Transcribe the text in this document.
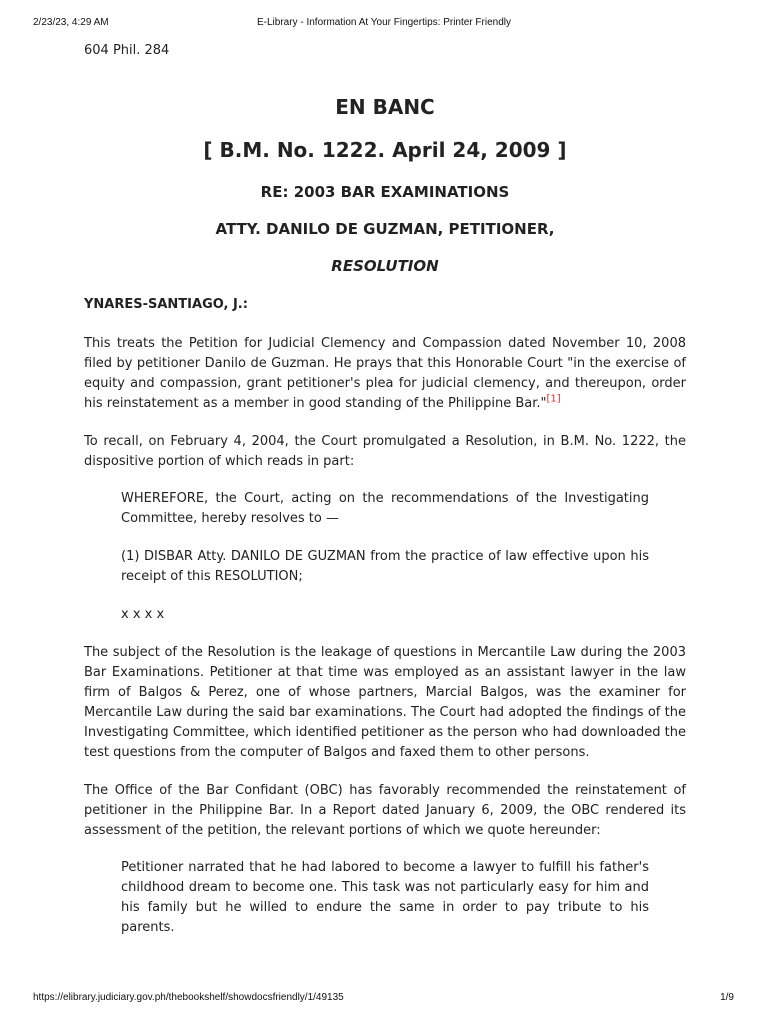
2/23/23, 4:29 AM	E-Library - Information At Your Fingertips: Printer Friendly
604 Phil. 284
EN BANC
[ B.M. No. 1222. April 24, 2009 ]
RE: 2003 BAR EXAMINATIONS
ATTY. DANILO DE GUZMAN, PETITIONER,
RESOLUTION
YNARES-SANTIAGO, J.:

This treats the Petition for Judicial Clemency and Compassion dated November 10, 2008 filed by petitioner Danilo de Guzman. He prays that this Honorable Court "in the exercise of equity and compassion, grant petitioner's plea for judicial clemency, and thereupon, order his reinstatement as a member in good standing of the Philippine Bar."[1]

To recall, on February 4, 2004, the Court promulgated a Resolution, in B.M. No. 1222, the dispositive portion of which reads in part:

WHEREFORE, the Court, acting on the recommendations of the Investigating Committee, hereby resolves to —

(1) DISBAR Atty. DANILO DE GUZMAN from the practice of law effective upon his receipt of this RESOLUTION;

x x x x

The subject of the Resolution is the leakage of questions in Mercantile Law during the 2003 Bar Examinations. Petitioner at that time was employed as an assistant lawyer in the law firm of Balgos & Perez, one of whose partners, Marcial Balgos, was the examiner for Mercantile Law during the said bar examinations. The Court had adopted the findings of the Investigating Committee, which identified petitioner as the person who had downloaded the test questions from the computer of Balgos and faxed them to other persons.

The Office of the Bar Confidant (OBC) has favorably recommended the reinstatement of petitioner in the Philippine Bar. In a Report dated January 6, 2009, the OBC rendered its assessment of the petition, the relevant portions of which we quote hereunder:

Petitioner narrated that he had labored to become a lawyer to fulfill his father's childhood dream to become one. This task was not particularly easy for him and his family but he willed to endure the same in order to pay tribute to his parents.

https://elibrary.judiciary.gov.ph/thebookshelf/showdocsfriendly/1/49135	1/9
